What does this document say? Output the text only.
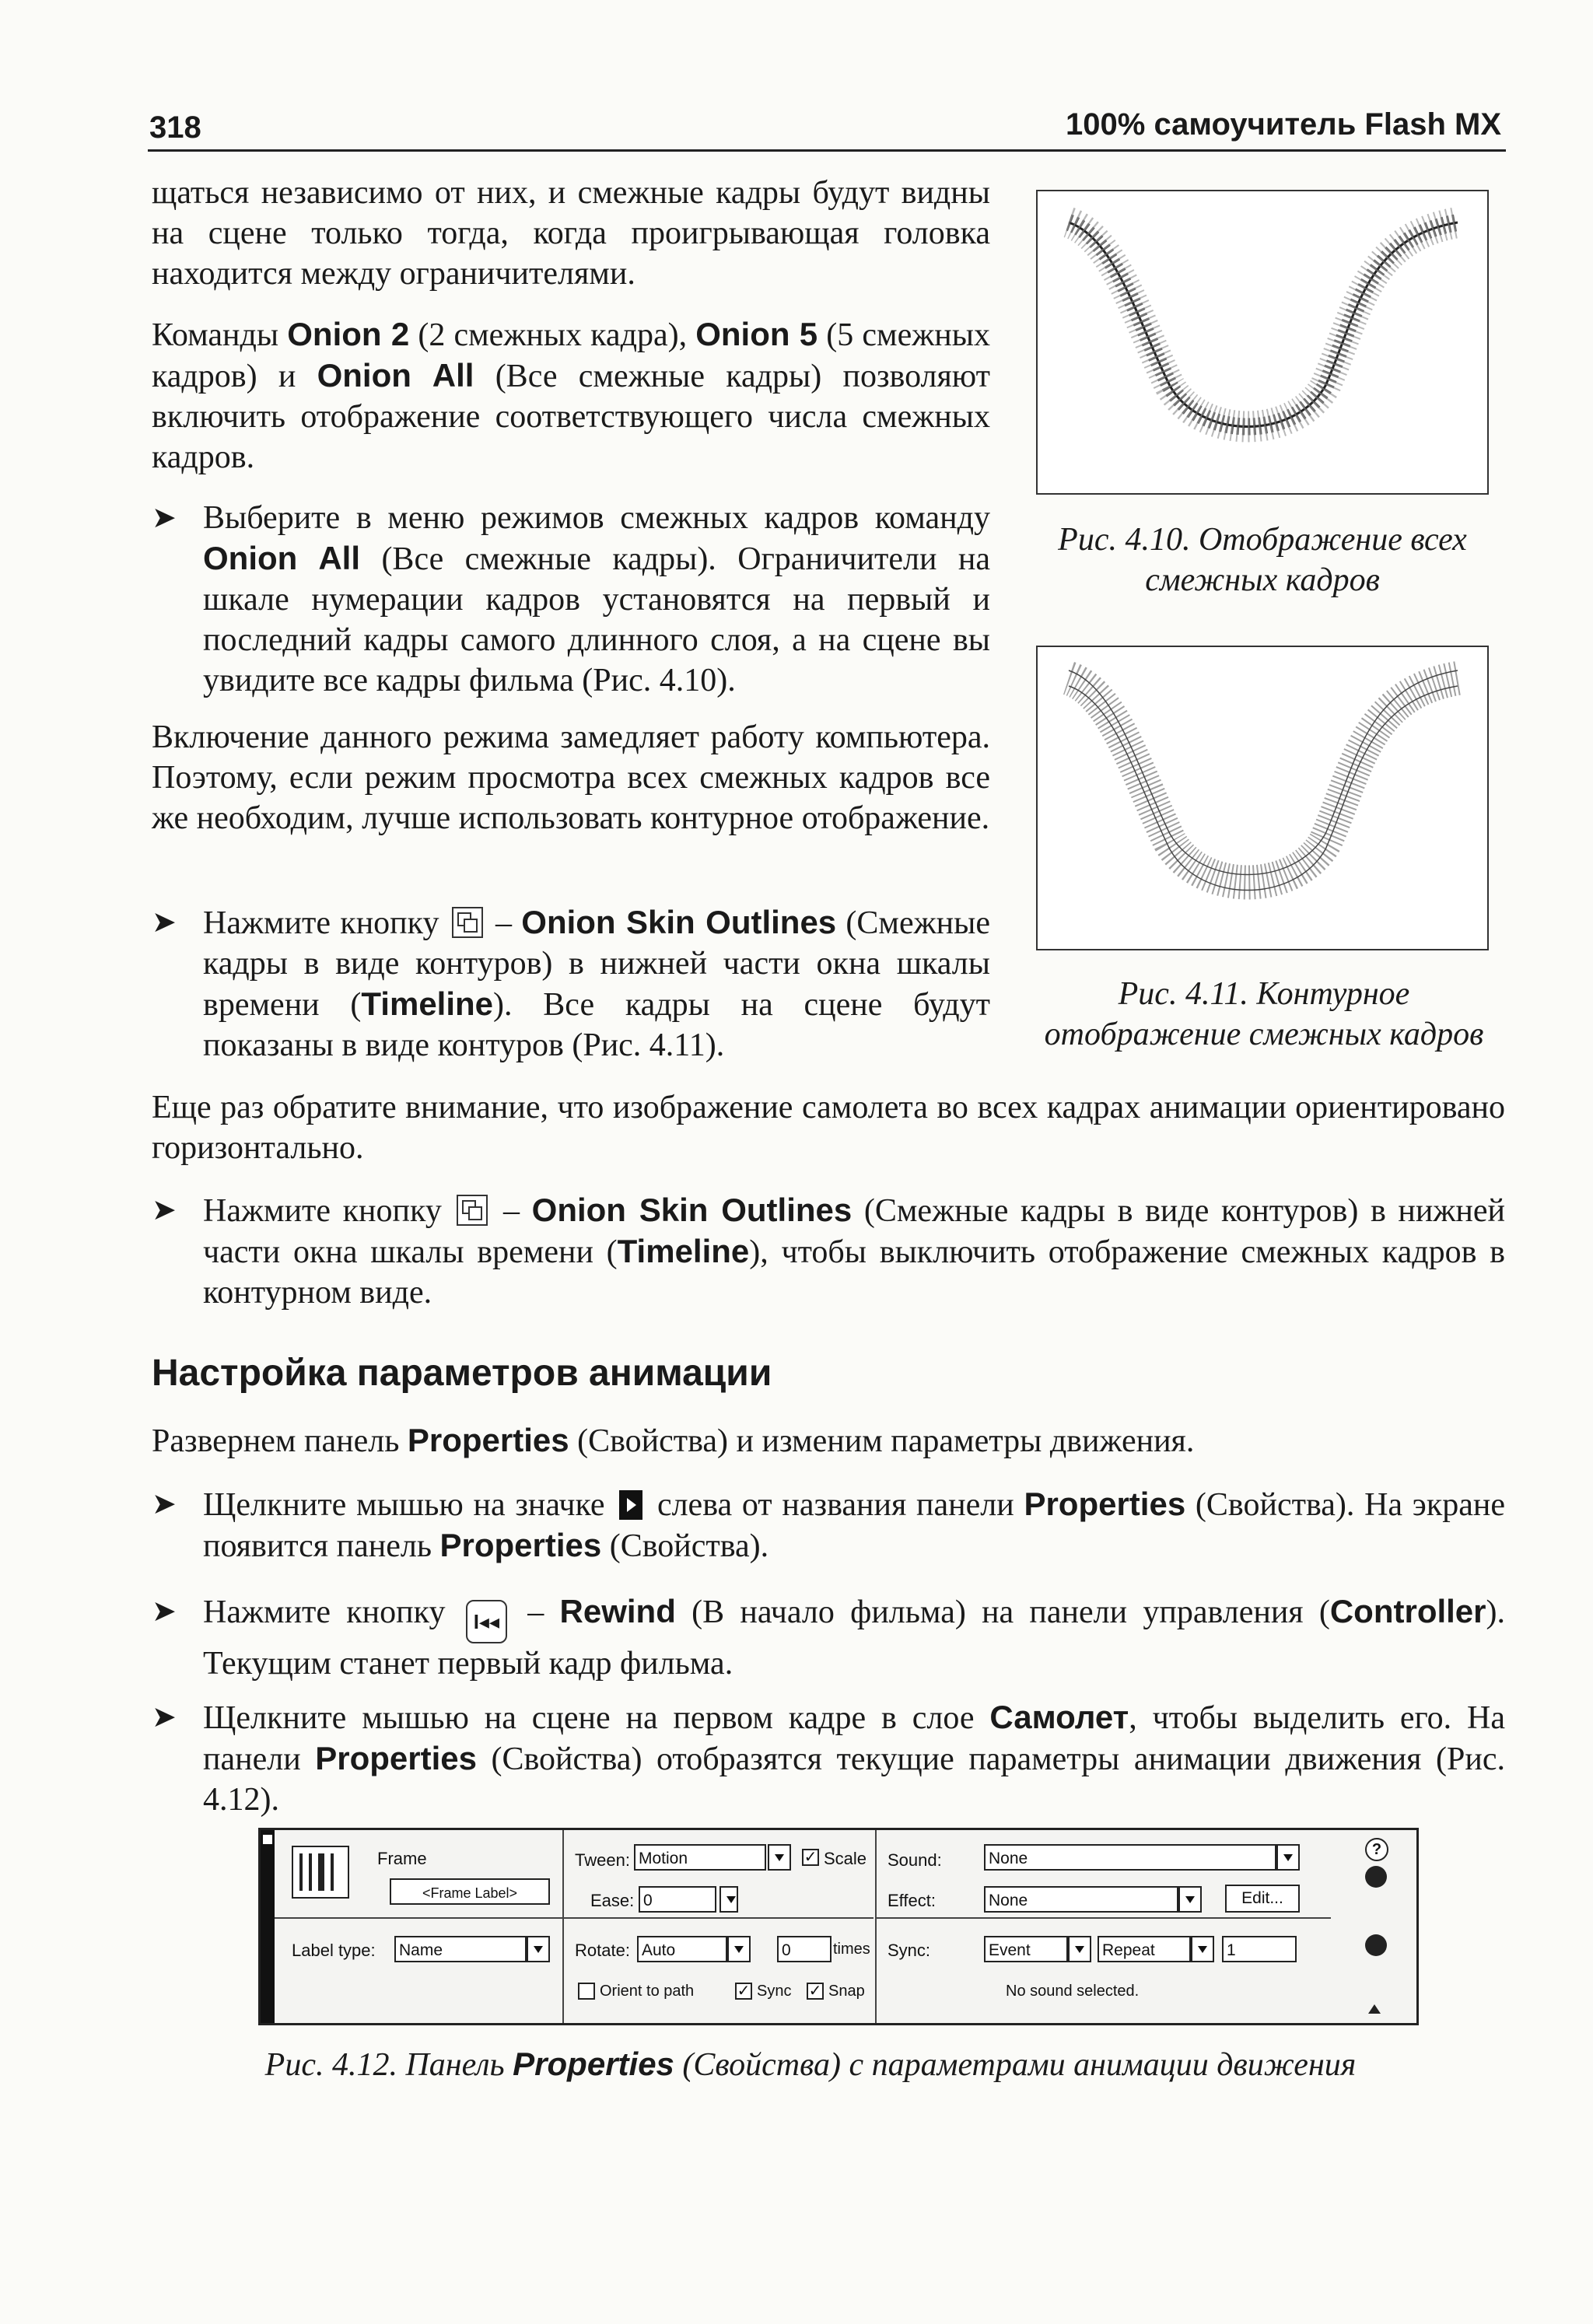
318	100% самоучитель Flash MX
щаться независимо от них, и смежные кадры будут видны на сцене только тогда, когда проигрывающая головка находится между ограничителями.
Команды Onion 2 (2 смежных кадра), Onion 5 (5 смежных кадров) и Onion All (Все смежные кадры) позволяют включить отображение соответствующего числа смежных кадров.
➤ Выберите в меню режимов смежных кадров команду Onion All (Все смежные кадры). Ограничители на шкале нумерации кадров установятся на первый и последний кадры самого длинного слоя, а на сцене вы увидите все кадры фильма (Рис. 4.10).
Включение данного режима замедляет работу компьютера. Поэтому, если режим просмотра всех смежных кадров все же необходим, лучше использовать контурное отображение.
➤ Нажмите кнопку  – Onion Skin Outlines (Смежные кадры в виде контуров) в нижней части окна шкалы времени (Timeline). Все кадры на сцене будут показаны в виде контуров (Рис. 4.11).
Рис. 4.10. Отображение всех
смежных кадров
Рис. 4.11. Контурное
отображение смежных кадров
Еще раз обратите внимание, что изображение самолета во всех кадрах анимации ориентировано горизонтально.
➤ Нажмите кнопку  – Onion Skin Outlines (Смежные кадры в виде контуров) в нижней части окна шкалы времени (Timeline), чтобы выключить отображение смежных кадров в контурном виде.
Настройка параметров анимации
Развернем панель Properties (Свойства) и изменим параметры движения.
➤ Щелкните мышью на значке  слева от названия панели Properties (Свойства). На экране появится панель Properties (Свойства).
➤ Нажмите кнопку I◂◂ – Rewind (В начало фильма) на панели управления (Controller). Текущим станет первый кадр фильма.
➤ Щелкните мышью на сцене на первом кадре в слое Самолет, чтобы выделить его. На панели Properties (Свойства) отобразятся текущие параметры анимации движения (Рис. 4.12).
Frame
<Frame Label>
Label type: Name
Tween: Motion	✓ Scale
Ease: 0
Rotate: Auto	0	times
Orient to path	✓ Sync ✓ Snap
Sound:	None
Effect:	None	Edit...
Sync:	Event	Repeat	1
No sound selected.
?
Рис. 4.12. Панель Properties (Свойства) с параметрами анимации движения
